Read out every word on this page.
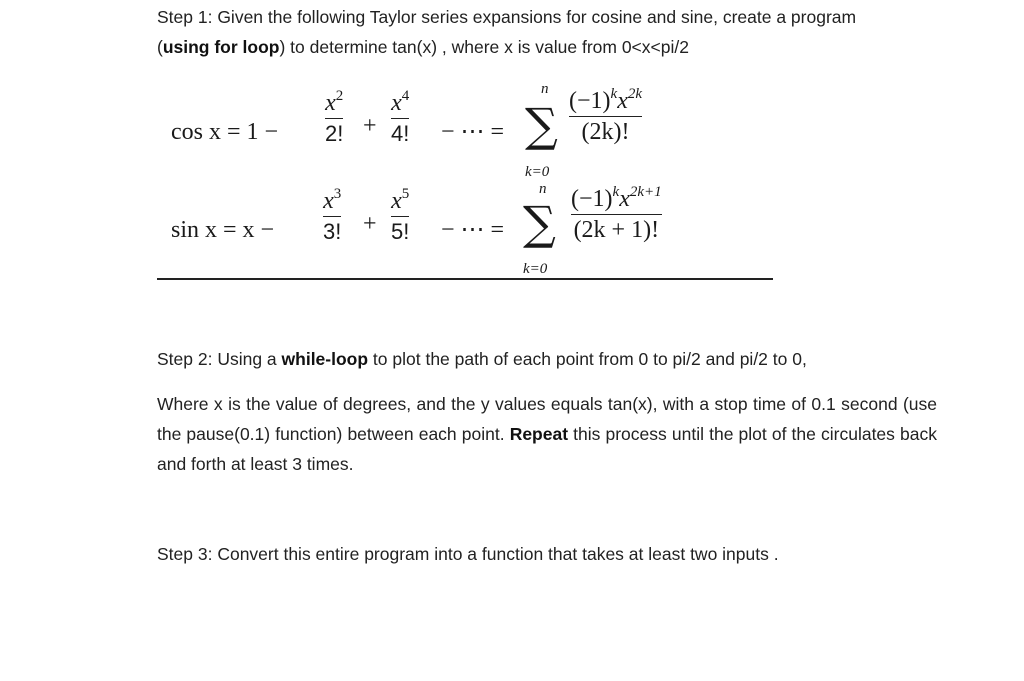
Step 1: Given the following Taylor series expansions for cosine and sine, create a program
(using for loop) to determine tan(x) , where x is value from 0<x<pi/2

cos x = 1 −
$x^2$
2! +
$x^4$
4! − ⋯ =
n
∑
k=0
$(-1)^kx^{2k}$
(2k)!
sin x = x −
$x^3$
3! +
$x^5$
5! − ⋯ =
n
∑
k=0
$(-1)^kx^{2k+1}$
(2k + 1)!

Step 2: Using a while-loop to plot the path of each point from 0 to pi/2 and pi/2 to 0,

Where x is the value of degrees, and the y values equals tan(x), with a stop time of 0.1 second (use the pause(0.1) function) between each point. Repeat this process until the plot of the circulates back and forth at least 3 times.

Step 3: Convert this entire program into a function that takes at least two inputs .
